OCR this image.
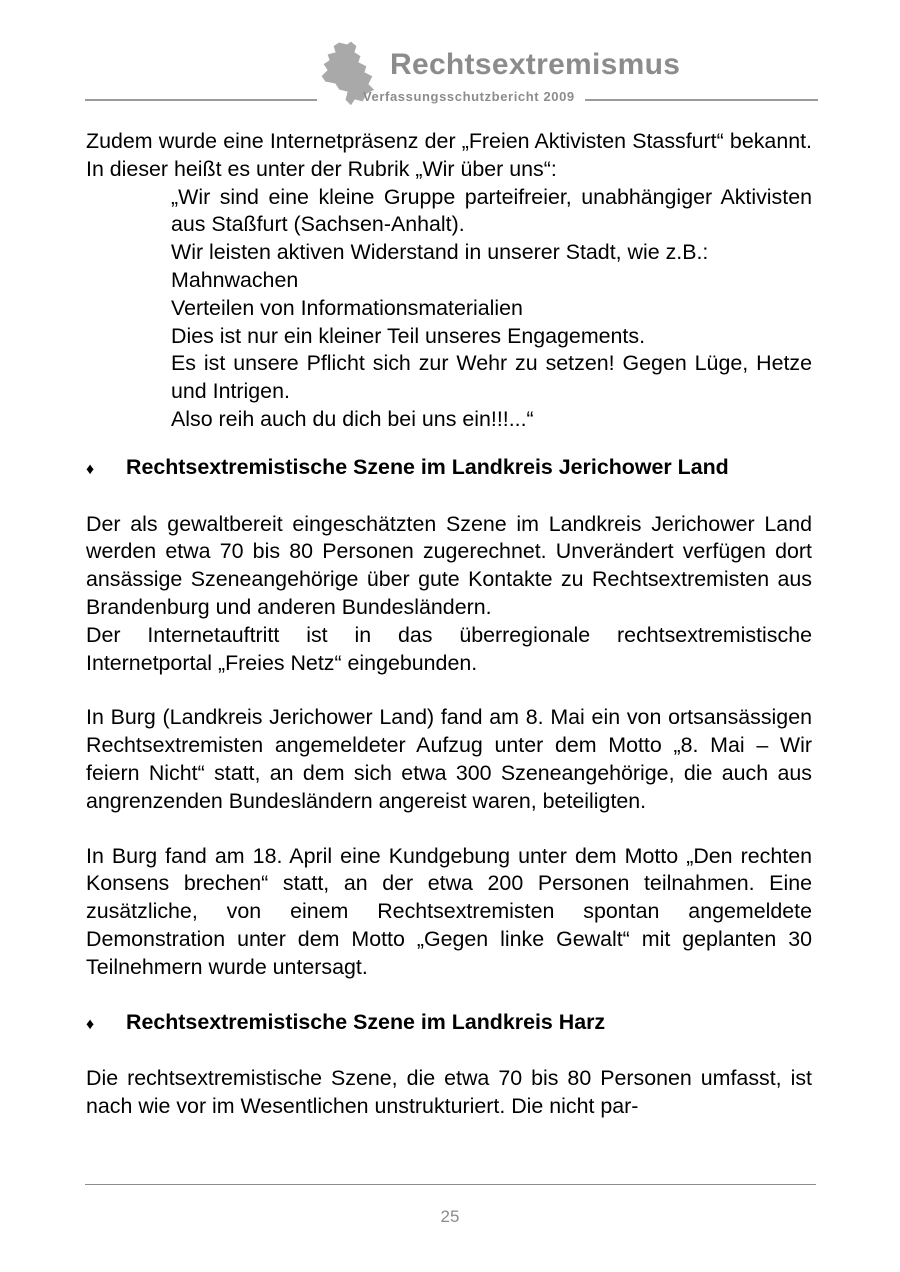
Rechtsextremismus
Verfassungsschutzbericht 2009

Zudem wurde eine Internetpräsenz der „Freien Aktivisten Stassfurt“ bekannt. In dieser heißt es unter der Rubrik „Wir über uns“:

„Wir sind eine kleine Gruppe parteifreier, unabhängiger Aktivisten aus Staßfurt (Sachsen-Anhalt).

Wir leisten aktiven Widerstand in unserer Stadt, wie z.B.:

Mahnwachen

Verteilen von Informationsmaterialien

Dies ist nur ein kleiner Teil unseres Engagements.

Es ist unsere Pflicht sich zur Wehr zu setzen! Gegen Lüge, Hetze und Intrigen.

Also reih auch du dich bei uns ein!!!...“

♦	Rechtsextremistische Szene im Landkreis Jerichower Land

Der als gewaltbereit eingeschätzten Szene im Landkreis Jerichower Land werden etwa 70 bis 80 Personen zugerechnet. Unverändert verfügen dort ansässige Szeneangehörige über gute Kontakte zu Rechtsextremisten aus Brandenburg und anderen Bundesländern.

Der Internetauftritt ist in das überregionale rechtsextremistische Internetportal „Freies Netz“ eingebunden.

In Burg (Landkreis Jerichower Land) fand am 8. Mai ein von ortsansässigen Rechtsextremisten angemeldeter Aufzug unter dem Motto „8. Mai – Wir feiern Nicht“ statt, an dem sich etwa 300 Szeneangehörige, die auch aus angrenzenden Bundesländern angereist waren, beteiligten.

In Burg fand am 18. April eine Kundgebung unter dem Motto „Den rechten Konsens brechen“ statt, an der etwa 200 Personen teilnahmen. Eine zusätzliche, von einem Rechtsextremisten spontan angemeldete Demonstration unter dem Motto „Gegen linke Gewalt“ mit geplanten 30 Teilnehmern wurde untersagt.

♦	Rechtsextremistische Szene im Landkreis Harz

Die rechtsextremistische Szene, die etwa 70 bis 80 Personen umfasst, ist nach wie vor im Wesentlichen unstrukturiert. Die nicht par-

25
